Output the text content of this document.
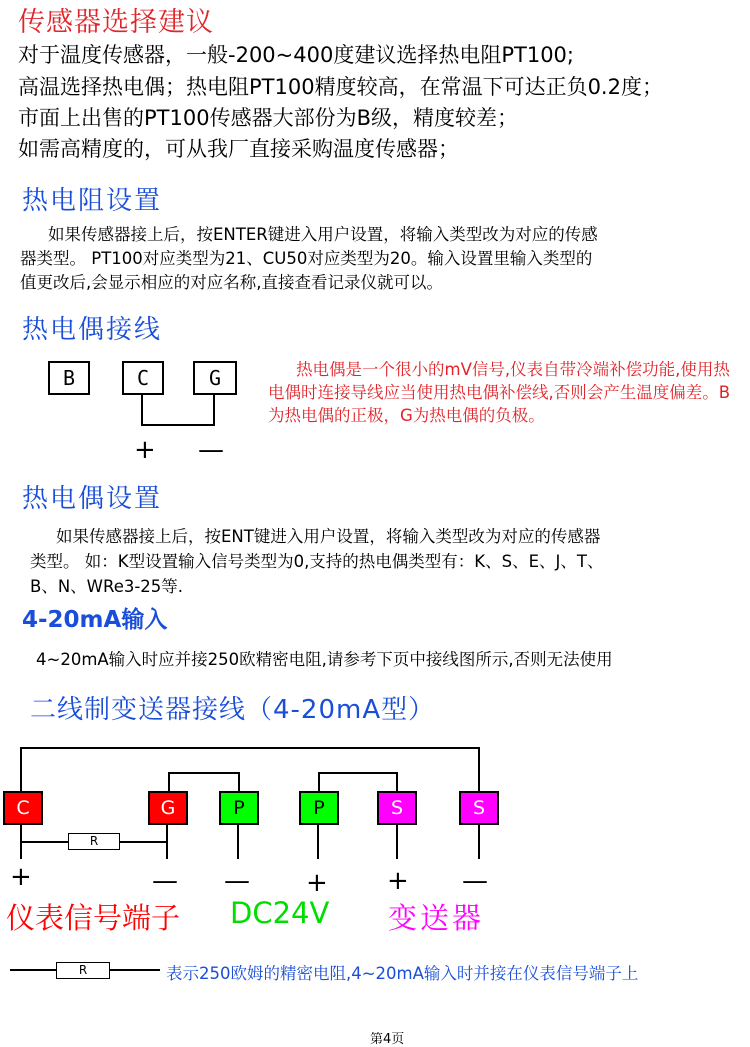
传感器选择建议
对于温度传感器，一般-200~400度建议选择热电阻PT100;
高温选择热电偶；热电阻PT100精度较高，在常温下可达正负0.2度；
市面上出售的PT100传感器大部份为B级，精度较差；
如需高精度的，可从我厂直接采购温度传感器；
热电阻设置
如果传感器接上后，按ENTER键进入用户设置，将输入类型改为对应的传感
器类型。 PT100对应类型为21、CU50对应类型为20。输入设置里输入类型的
值更改后,会显示相应的对应名称,直接查看记录仪就可以。
热电偶接线
B	C	G
+ —
热电偶是一个很小的mV信号,仪表自带冷端补偿功能,使用热电偶时连接导线应当使用热电偶补偿线,否则会产生温度偏差。B为热电偶的正极，G为热电偶的负极。
热电偶设置
如果传感器接上后，按ENT键进入用户设置，将输入类型改为对应的传感器
类型。 如：K型设置输入信号类型为0,支持的热电偶类型有：K、S、E、J、T、
B、N、WRe3-25等.
4-20mA输入
4~20mA输入时应并接250欧精密电阻,请参考下页中接线图所示,否则无法使用
二线制变送器接线（4-20mA型）
C	G	P	P	S	S
R
+	— — + + —
仪表信号端子 DC24V 变送器
R	表示250欧姆的精密电阻,4~20mA输入时并接在仪表信号端子上
第4页
